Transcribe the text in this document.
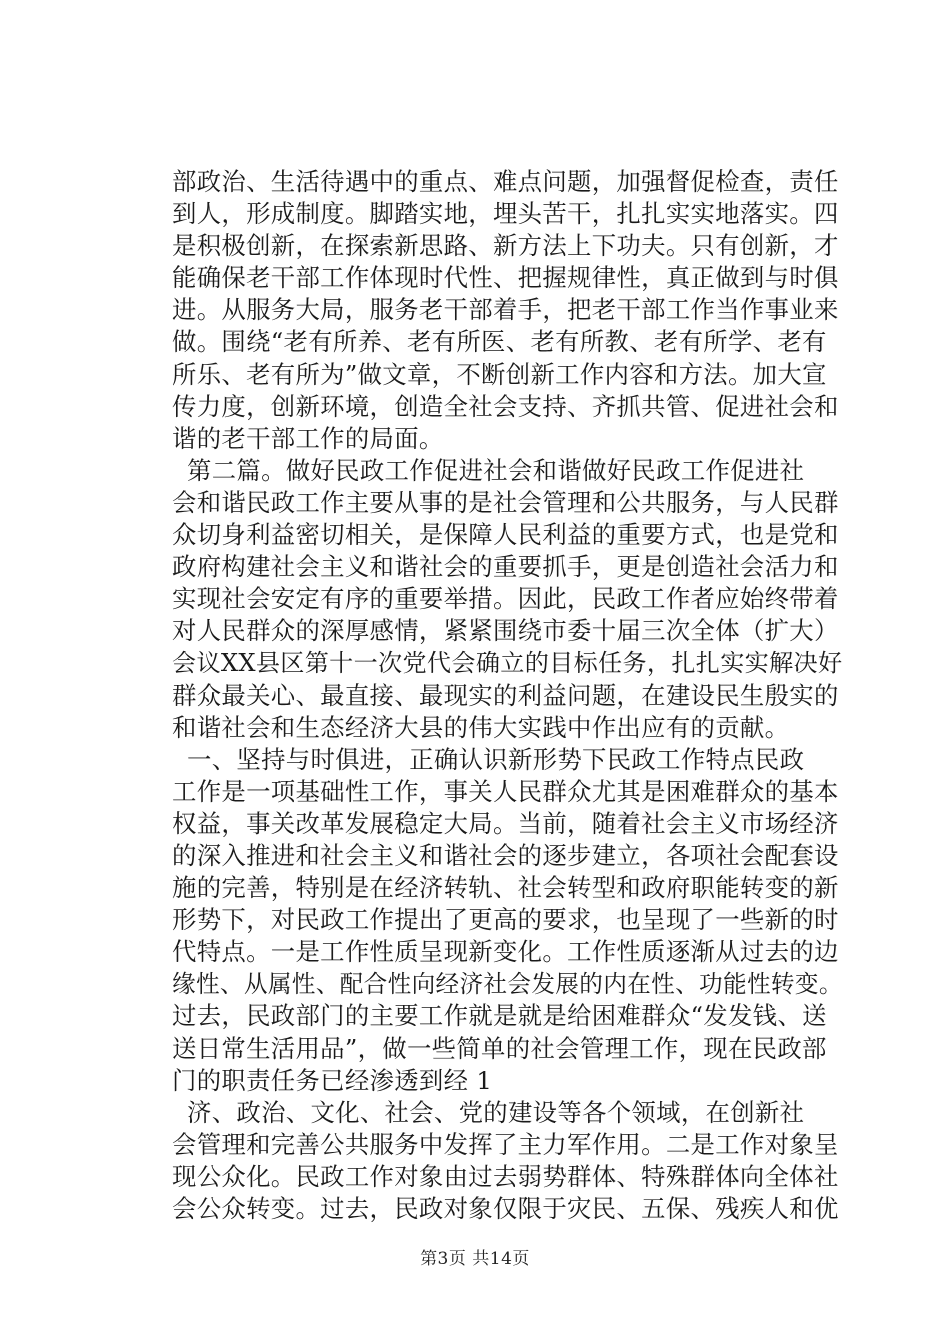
部政治、生活待遇中的重点、难点问题，加强督促检查，责任
到人，形成制度。脚踏实地，埋头苦干，扎扎实实地落实。四
是积极创新，在探索新思路、新方法上下功夫。只有创新，才
能确保老干部工作体现时代性、把握规律性，真正做到与时俱
进。从服务大局，服务老干部着手，把老干部工作当作事业来
做。围绕“老有所养、老有所医、老有所教、老有所学、老有
所乐、老有所为”做文章，不断创新工作内容和方法。加大宣
传力度，创新环境，创造全社会支持、齐抓共管、促进社会和
谐的老干部工作的局面。
第二篇。做好民政工作促进社会和谐做好民政工作促进社
会和谐民政工作主要从事的是社会管理和公共服务，与人民群
众切身利益密切相关，是保障人民利益的重要方式，也是党和
政府构建社会主义和谐社会的重要抓手，更是创造社会活力和
实现社会安定有序的重要举措。因此，民政工作者应始终带着
对人民群众的深厚感情，紧紧围绕市委十届三次全体（扩大）
会议XX县区第十一次党代会确立的目标任务，扎扎实实解决好
群众最关心、最直接、最现实的利益问题，在建设民生殷实的
和谐社会和生态经济大县的伟大实践中作出应有的贡献。
一、坚持与时俱进，正确认识新形势下民政工作特点民政
工作是一项基础性工作，事关人民群众尤其是困难群众的基本
权益，事关改革发展稳定大局。当前，随着社会主义市场经济
的深入推进和社会主义和谐社会的逐步建立，各项社会配套设
施的完善，特别是在经济转轨、社会转型和政府职能转变的新
形势下，对民政工作提出了更高的要求，也呈现了一些新的时
代特点。一是工作性质呈现新变化。工作性质逐渐从过去的边
缘性、从属性、配合性向经济社会发展的内在性、功能性转变。
过去，民政部门的主要工作就是就是给困难群众“发发钱、送
送日常生活用品”，做一些简单的社会管理工作，现在民政部
门的职责任务已经渗透到经 1
济、政治、文化、社会、党的建设等各个领域，在创新社
会管理和完善公共服务中发挥了主力军作用。二是工作对象呈
现公众化。民政工作对象由过去弱势群体、特殊群体向全体社
会公众转变。过去，民政对象仅限于灾民、五保、残疾人和优
第3页 共14页
